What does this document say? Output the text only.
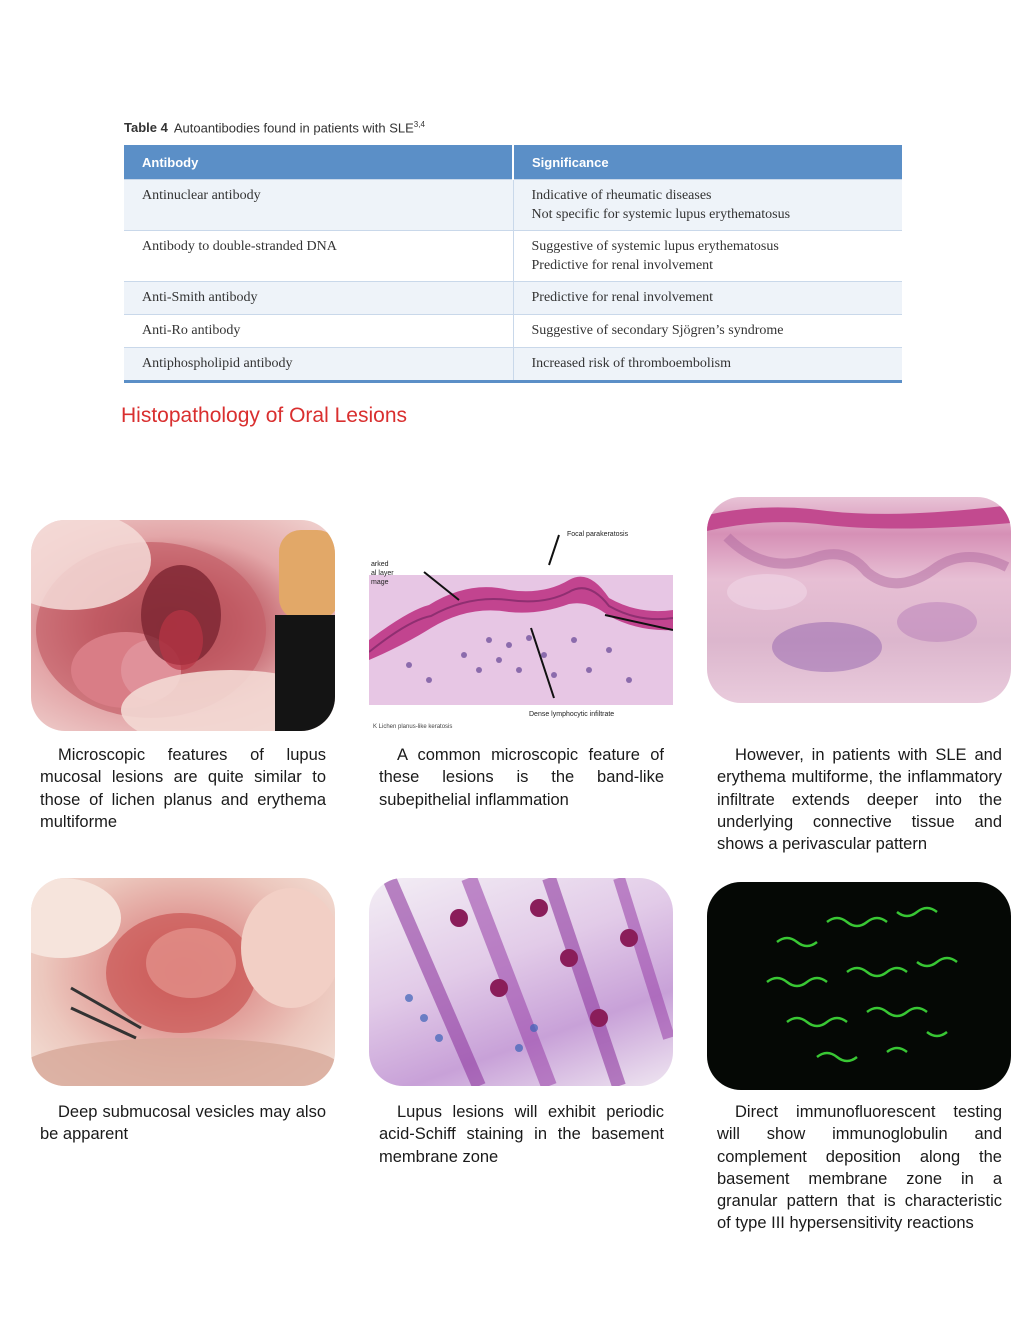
Table 4 Autoantibodies found in patients with SLE$^{3,4}$
Antibody	Significance
Antinuclear antibody	Indicative of rheumatic diseases
Not specific for systemic lupus erythematosus

Antibody to double-stranded DNA	Suggestive of systemic lupus erythematosus
Predictive for renal involvement

Anti-Smith antibody	Predictive for renal involvement

Anti-Ro antibody	Suggestive of secondary Sjögren’s syndrome

Antiphospholipid antibody	Increased risk of thromboembolism
Histopathology of Oral Lesions
Focal parakeratosis
arked
al layer
mage
Dense lymphocytic infiltrate
K Lichen planus-like keratosis
Microscopic features of lupus mucosal lesions are quite similar to those of lichen planus and erythema multiforme
A common microscopic feature of these lesions is the band-like subepithelial inflammation
However, in patients with SLE and erythema multiforme, the inflammatory infiltrate extends deeper into the underlying connective tissue and shows a perivascular pattern
Deep submucosal vesicles may also be apparent
Lupus lesions will exhibit periodic acid-Schiff staining in the basement membrane zone
Direct immunofluorescent testing will show immunoglobulin and complement deposition along the basement membrane zone in a granular pattern that is characteristic of type III hypersensitivity reactions
